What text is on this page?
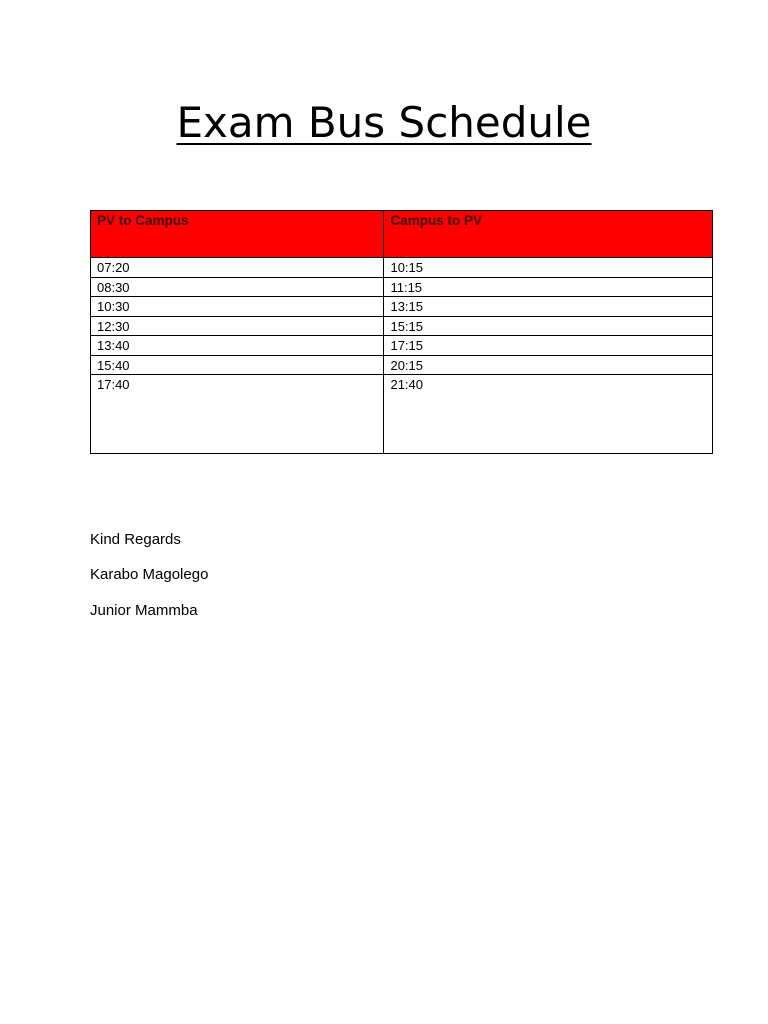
Exam Bus Schedule
PV to Campus	Campus to PV
07:20	10:15
08:30	11:15
10:30	13:15
12:30	15:15
13:40	17:15
15:40	20:15
17:40	21:40
Kind Regards
Karabo Magolego
Junior Mammba
